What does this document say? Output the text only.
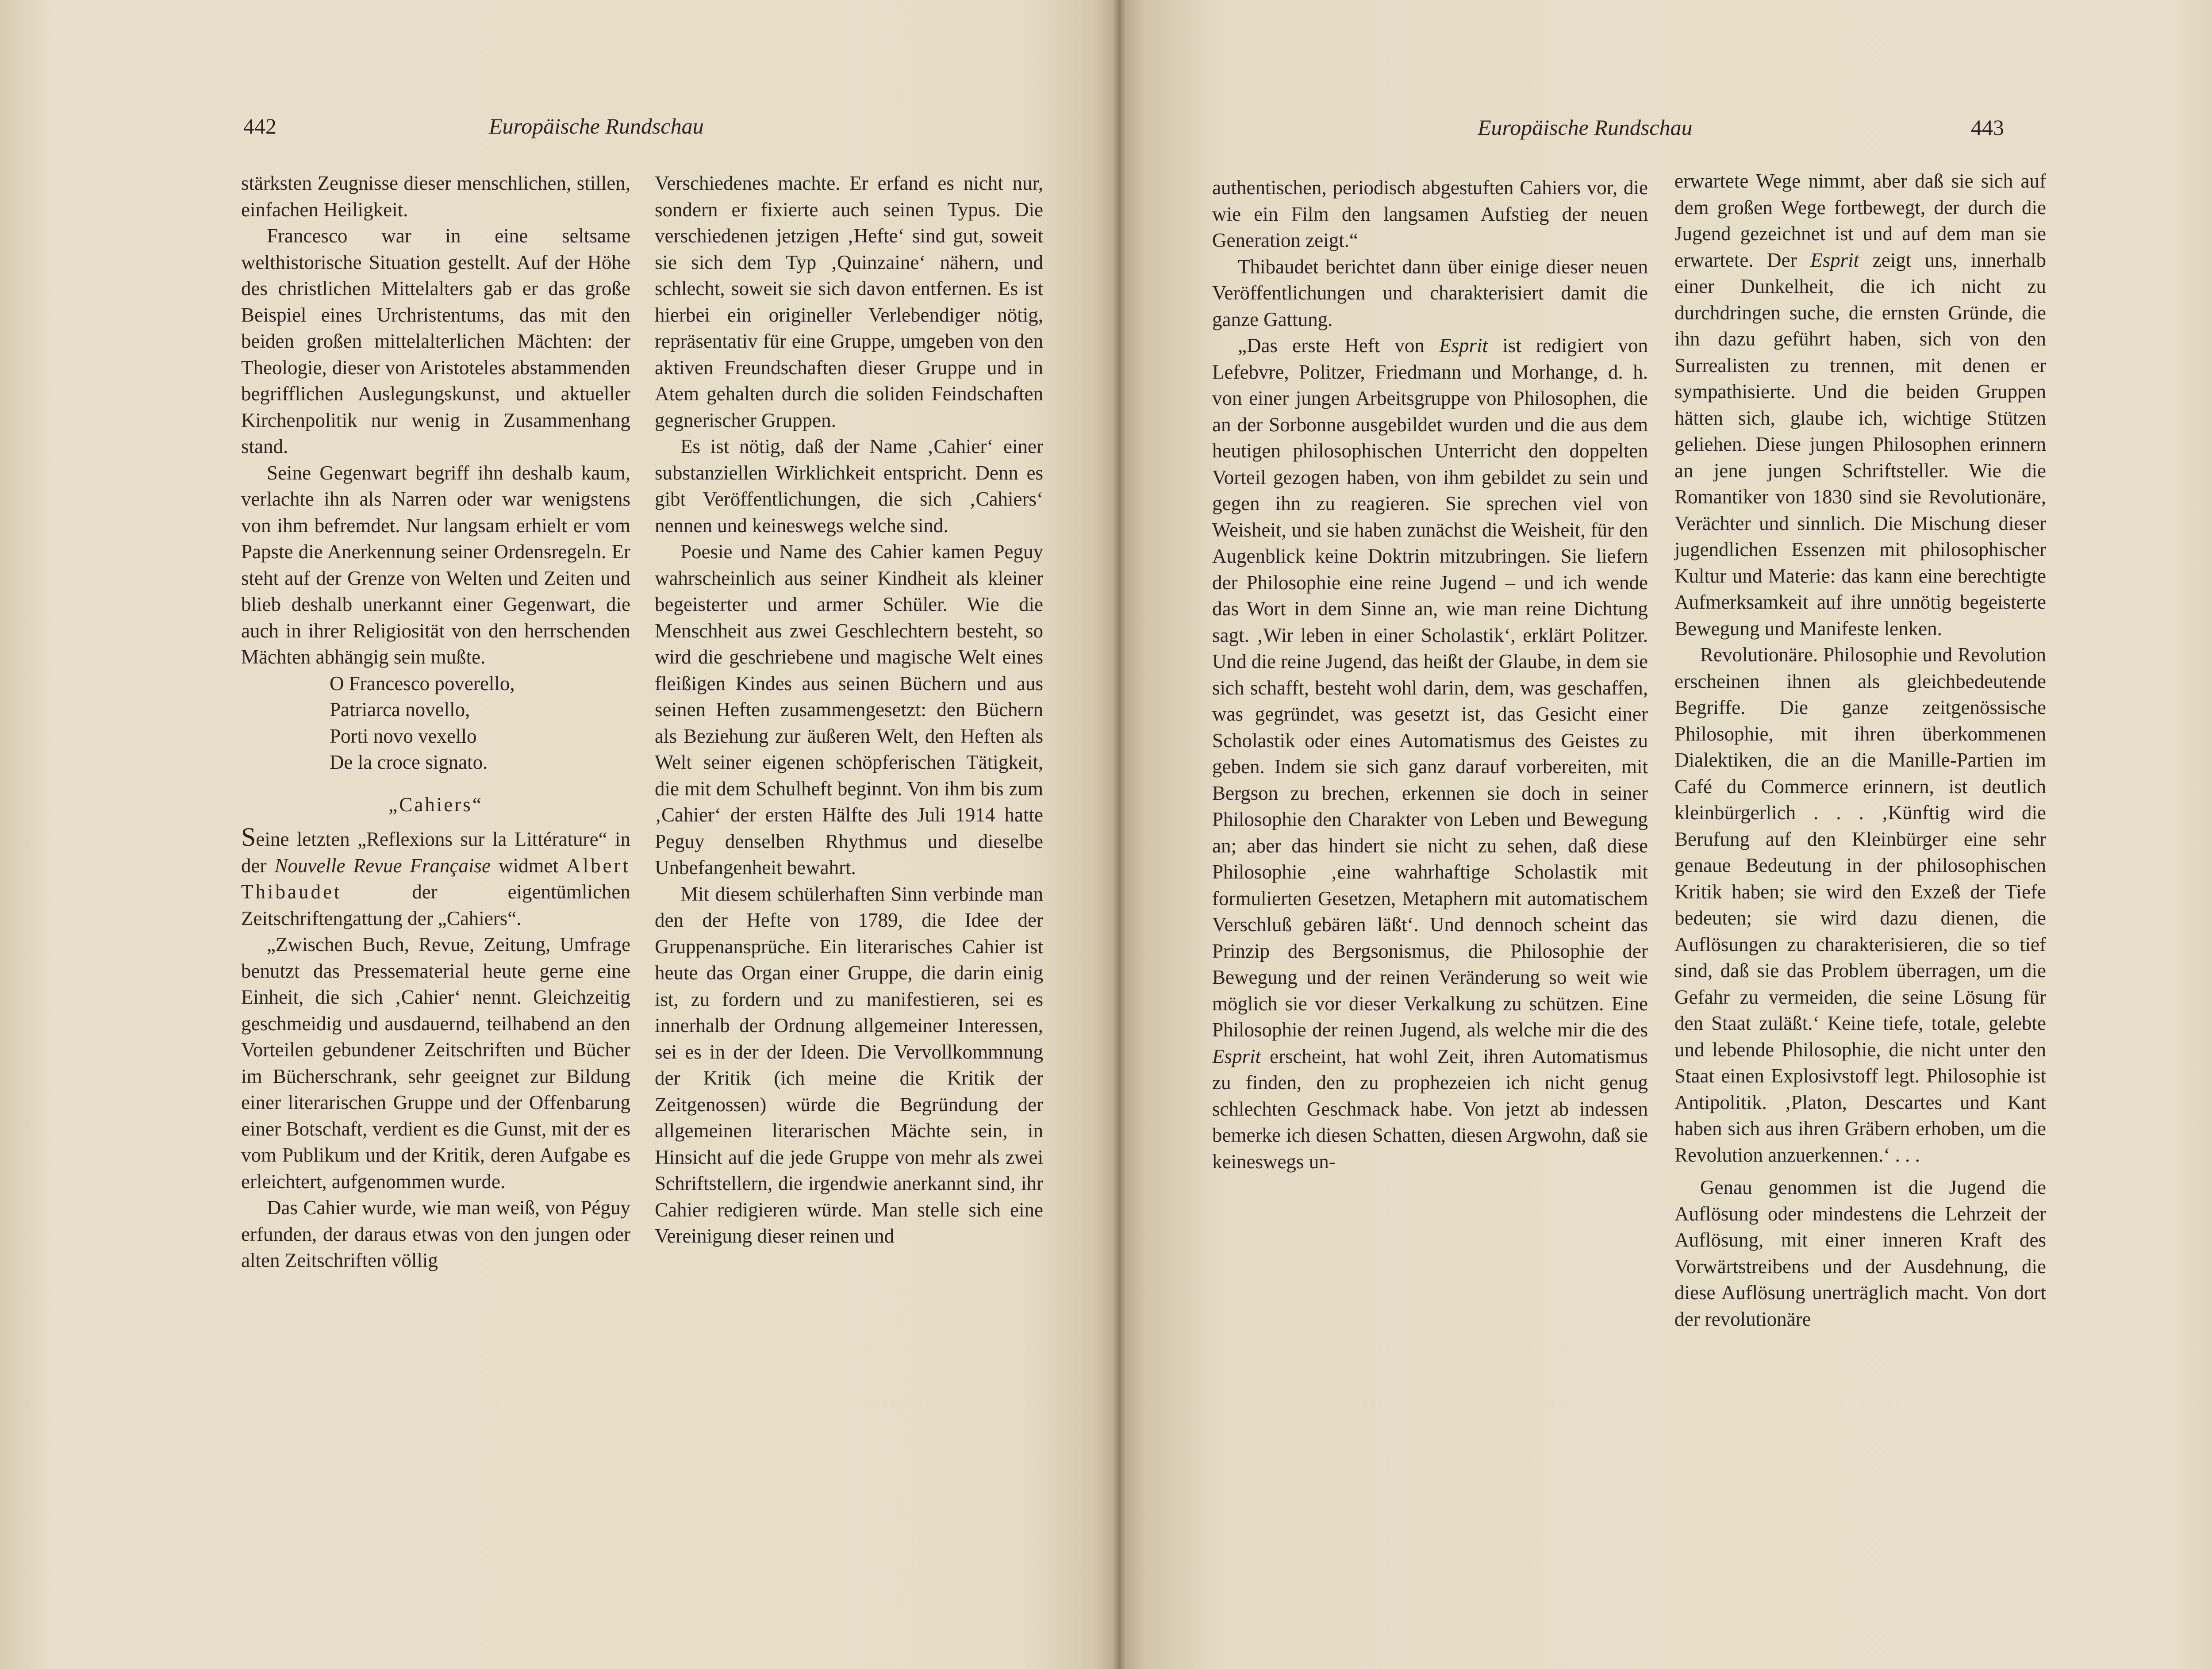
442	Europäische Rundschau

stärksten Zeugnisse dieser menschlichen, stillen, einfachen Heiligkeit.

Francesco war in eine seltsame welthistorische Situation gestellt. Auf der Höhe des christlichen Mittelalters gab er das große Beispiel eines Urchristentums, das mit den beiden großen mittelalterlichen Mächten: der Theologie, dieser von Aristoteles abstammenden begrifflichen Auslegungskunst, und aktueller Kirchenpolitik nur wenig in Zusammenhang stand.

Seine Gegenwart begriff ihn deshalb kaum, verlachte ihn als Narren oder war wenigstens von ihm befremdet. Nur langsam erhielt er vom Papste die Anerkennung seiner Ordensregeln. Er steht auf der Grenze von Welten und Zeiten und blieb deshalb unerkannt einer Gegenwart, die auch in ihrer Religiosität von den herrschenden Mächten abhängig sein mußte.

O Francesco poverello,
Patriarca novello,
Porti novo vexello
De la croce signato.
„Cahiers“

Seine letzten „Reflexions sur la Littérature“ in der Nouvelle Revue Française widmet Albert Thibaudet der eigentümlichen Zeitschriftengattung der „Cahiers“.

„Zwischen Buch, Revue, Zeitung, Umfrage benutzt das Pressematerial heute gerne eine Einheit, die sich ‚Cahier‘ nennt. Gleichzeitig geschmeidig und ausdauernd, teilhabend an den Vorteilen gebundener Zeitschriften und Bücher im Bücherschrank, sehr geeignet zur Bildung einer literarischen Gruppe und der Offenbarung einer Botschaft, verdient es die Gunst, mit der es vom Publikum und der Kritik, deren Aufgabe es erleichtert, aufgenommen wurde.

Das Cahier wurde, wie man weiß, von Péguy erfunden, der daraus etwas von den jungen oder alten Zeitschriften völlig

Verschiedenes machte. Er erfand es nicht nur, sondern er fixierte auch seinen Typus. Die verschiedenen jetzigen ‚Hefte‘ sind gut, soweit sie sich dem Typ ‚Quinzaine‘ nähern, und schlecht, soweit sie sich davon entfernen. Es ist hierbei ein origineller Verlebendiger nötig, repräsentativ für eine Gruppe, umgeben von den aktiven Freundschaften dieser Gruppe und in Atem gehalten durch die soliden Feindschaften gegnerischer Gruppen.

Es ist nötig, daß der Name ‚Cahier‘ einer substanziellen Wirklichkeit entspricht. Denn es gibt Veröffentlichungen, die sich ‚Cahiers‘ nennen und keineswegs welche sind.

Poesie und Name des Cahier kamen Peguy wahrscheinlich aus seiner Kindheit als kleiner begeisterter und armer Schüler. Wie die Menschheit aus zwei Geschlechtern besteht, so wird die geschriebene und magische Welt eines fleißigen Kindes aus seinen Büchern und aus seinen Heften zusammengesetzt: den Büchern als Beziehung zur äußeren Welt, den Heften als Welt seiner eigenen schöpferischen Tätigkeit, die mit dem Schulheft beginnt. Von ihm bis zum ‚Cahier‘ der ersten Hälfte des Juli 1914 hatte Peguy denselben Rhythmus und dieselbe Unbefangenheit bewahrt.

Mit diesem schülerhaften Sinn verbinde man den der Hefte von 1789, die Idee der Gruppenansprüche. Ein literarisches Cahier ist heute das Organ einer Gruppe, die darin einig ist, zu fordern und zu manifestieren, sei es innerhalb der Ordnung allgemeiner Interessen, sei es in der der Ideen. Die Vervollkommnung der Kritik (ich meine die Kritik der Zeitgenossen) würde die Begründung der allgemeinen literarischen Mächte sein, in Hinsicht auf die jede Gruppe von mehr als zwei Schriftstellern, die irgendwie anerkannt sind, ihr Cahier redigieren würde. Man stelle sich eine Vereinigung dieser reinen und

Europäische Rundschau	443

authentischen, periodisch abgestuften Cahiers vor, die wie ein Film den langsamen Aufstieg der neuen Generation zeigt.“

Thibaudet berichtet dann über einige dieser neuen Veröffentlichungen und charakterisiert damit die ganze Gattung.

„Das erste Heft von Esprit ist redigiert von Lefebvre, Politzer, Friedmann und Morhange, d. h. von einer jungen Arbeitsgruppe von Philosophen, die an der Sorbonne ausgebildet wurden und die aus dem heutigen philosophischen Unterricht den doppelten Vorteil gezogen haben, von ihm gebildet zu sein und gegen ihn zu reagieren. Sie sprechen viel von Weisheit, und sie haben zunächst die Weisheit, für den Augenblick keine Doktrin mitzubringen. Sie liefern der Philosophie eine reine Jugend – und ich wende das Wort in dem Sinne an, wie man reine Dichtung sagt. ‚Wir leben in einer Scholastik‘, erklärt Politzer. Und die reine Jugend, das heißt der Glaube, in dem sie sich schafft, besteht wohl darin, dem, was geschaffen, was gegründet, was gesetzt ist, das Gesicht einer Scholastik oder eines Automatismus des Geistes zu geben. Indem sie sich ganz darauf vorbereiten, mit Bergson zu brechen, erkennen sie doch in seiner Philosophie den Charakter von Leben und Bewegung an; aber das hindert sie nicht zu sehen, daß diese Philosophie ‚eine wahrhaftige Scholastik mit formulierten Gesetzen, Metaphern mit automatischem Verschluß gebären läßt‘. Und dennoch scheint das Prinzip des Bergsonismus, die Philosophie der Bewegung und der reinen Veränderung so weit wie möglich sie vor dieser Verkalkung zu schützen. Eine Philosophie der reinen Jugend, als welche mir die des Esprit erscheint, hat wohl Zeit, ihren Automatismus zu finden, den zu prophezeien ich nicht genug schlechten Geschmack habe. Von jetzt ab indessen bemerke ich diesen Schatten, diesen Argwohn, daß sie keineswegs un-

erwartete Wege nimmt, aber daß sie sich auf dem großen Wege fortbewegt, der durch die Jugend gezeichnet ist und auf dem man sie erwartete. Der Esprit zeigt uns, innerhalb einer Dunkelheit, die ich nicht zu durchdringen suche, die ernsten Gründe, die ihn dazu geführt haben, sich von den Surrealisten zu trennen, mit denen er sympathisierte. Und die beiden Gruppen hätten sich, glaube ich, wichtige Stützen geliehen. Diese jungen Philosophen erinnern an jene jungen Schriftsteller. Wie die Romantiker von 1830 sind sie Revolutionäre, Verächter und sinnlich. Die Mischung dieser jugendlichen Essenzen mit philosophischer Kultur und Materie: das kann eine berechtigte Aufmerksamkeit auf ihre unnötig begeisterte Bewegung und Manifeste lenken.

Revolutionäre. Philosophie und Revolution erscheinen ihnen als gleichbedeutende Begriffe. Die ganze zeitgenössische Philosophie, mit ihren überkommenen Dialektiken, die an die Manille-Partien im Café du Commerce erinnern, ist deutlich kleinbürgerlich . . . ‚Künftig wird die Berufung auf den Kleinbürger eine sehr genaue Bedeutung in der philosophischen Kritik haben; sie wird den Exzeß der Tiefe bedeuten; sie wird dazu dienen, die Auflösungen zu charakterisieren, die so tief sind, daß sie das Problem überragen, um die Gefahr zu vermeiden, die seine Lösung für den Staat zuläßt.‘ Keine tiefe, totale, gelebte und lebende Philosophie, die nicht unter den Staat einen Explosivstoff legt. Philosophie ist Antipolitik. ‚Platon, Descartes und Kant haben sich aus ihren Gräbern erhoben, um die Revolution anzuerkennen.‘ . . .

Genau genommen ist die Jugend die Auflösung oder mindestens die Lehrzeit der Auflösung, mit einer inneren Kraft des Vorwärtstreibens und der Ausdehnung, die diese Auflösung unerträglich macht. Von dort der revolutionäre
